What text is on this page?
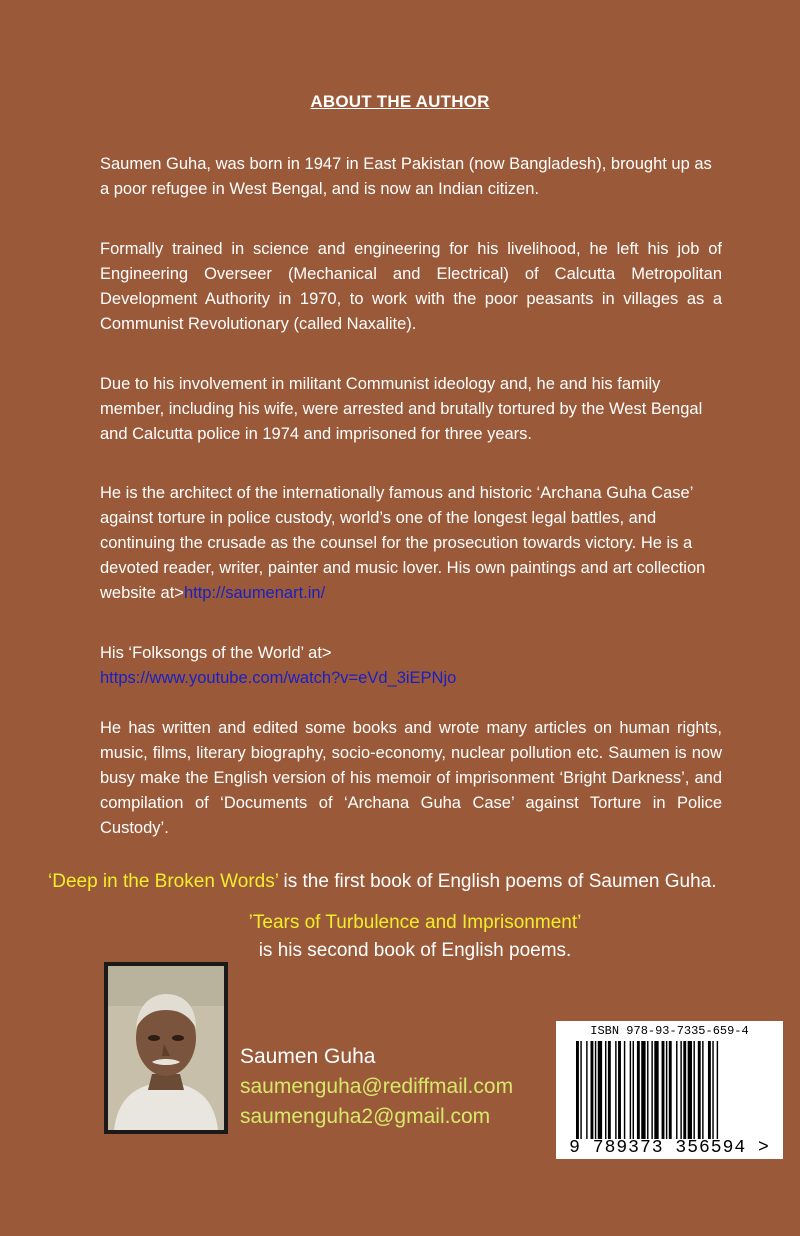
ABOUT THE AUTHOR

Saumen Guha, was born in 1947 in East Pakistan (now Bangladesh), brought up as a poor refugee in West Bengal, and is now an Indian citizen.

Formally trained in science and engineering for his livelihood, he left his job of Engineering Overseer (Mechanical and Electrical) of Calcutta Metropolitan Development Authority in 1970, to work with the poor peasants in villages as a Communist Revolutionary (called Naxalite).

Due to his involvement in militant Communist ideology and, he and his family member, including his wife, were arrested and brutally tortured by the West Bengal and Calcutta police in 1974 and imprisoned for three years.

He is the architect of the internationally famous and historic ‘Archana Guha Case’ against torture in police custody, world’s one of the longest legal battles, and continuing the crusade as the counsel for the prosecution towards victory. He is a devoted reader, writer, painter and music lover. His own paintings and art collection website at>http://saumenart.in/

His ‘Folksongs of the World’ at>
https://www.youtube.com/watch?v=eVd_3iEPNjo

He has written and edited some books and wrote many articles on human rights, music, films, literary biography, socio-economy, nuclear pollution etc. Saumen is now busy make the English version of his memoir of imprisonment ‘Bright Darkness’, and compilation of ‘Documents of ‘Archana Guha Case’ against Torture in Police Custody’.

‘Deep in the Broken Words’ is the first book of English poems of Saumen Guha.
’Tears of Turbulence and Imprisonment’
is his second book of English poems.
Saumen Guha
saumenguha@rediffmail.com
saumenguha2@gmail.com
ISBN 978-93-7335-659-4
9 789373 356594 >
